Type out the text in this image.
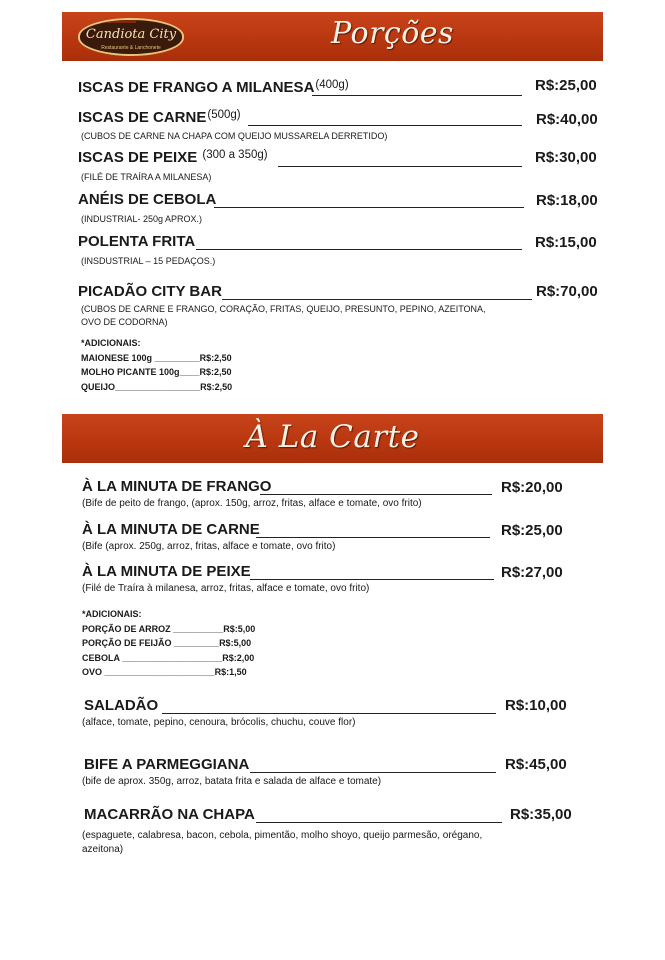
Candiota City
Restaurante & Lanchonete	Porções
ISCAS DE FRANGO A $MILANESA^{(400g)}$	R$:25,00
ISCAS DE $CARNE^{(500g)}$	R$:40,00
(CUBOS DE CARNE NA CHAPA COM QUEIJO MUSSARELA DERRETIDO)
ISCAS DE PEIXE $^{(300 a 350g)}$	R$:30,00
(FILÉ DE TRAÍRA A MILANESA)
ANÉIS DE CEBOLA	R$:18,00
(INDUSTRIAL- 250g APROX.)
POLENTA FRITA	R$:15,00
(INSDUSTRIAL – 15 PEDAÇOS.)
PICADÃO CITY BAR	R$:70,00
(CUBOS DE CARNE E FRANGO, CORAÇÃO, FRITAS, QUEIJO, PRESUNTO, PEPINO, AZEITONA,
OVO DE CODORNA)
*ADICIONAIS:
MAIONESE 100g _________R$:2,50
MOLHO PICANTE 100g____R$:2,50
QUEIJO_________________R$:2,50
À La Carte
À LA MINUTA DE FRANGO	R$:20,00
(Bife de peito de frango, (aprox. 150g, arroz, fritas, alface e tomate, ovo frito)
À LA MINUTA DE CARNE	R$:25,00
(Bife (aprox. 250g, arroz, fritas, alface e tomate, ovo frito)
À LA MINUTA DE PEIXE	R$:27,00
(Filé de Traíra à milanesa, arroz, fritas, alface e tomate, ovo frito)
*ADICIONAIS:
PORÇÃO DE ARROZ __________R$:5,00
PORÇÃO DE FEIJÃO _________R$:5,00
CEBOLA ____________________R$:2,00
OVO ______________________R$:1,50
SALADÃO	R$:10,00
(alface, tomate, pepino, cenoura, brócolis, chuchu, couve flor)
BIFE A PARMEGGIANA	R$:45,00
(bife de aprox. 350g, arroz, batata frita e salada de alface e tomate)
MACARRÃO NA CHAPA	R$:35,00
(espaguete, calabresa, bacon, cebola, pimentão, molho shoyo, queijo parmesão, orégano, azeitona)
